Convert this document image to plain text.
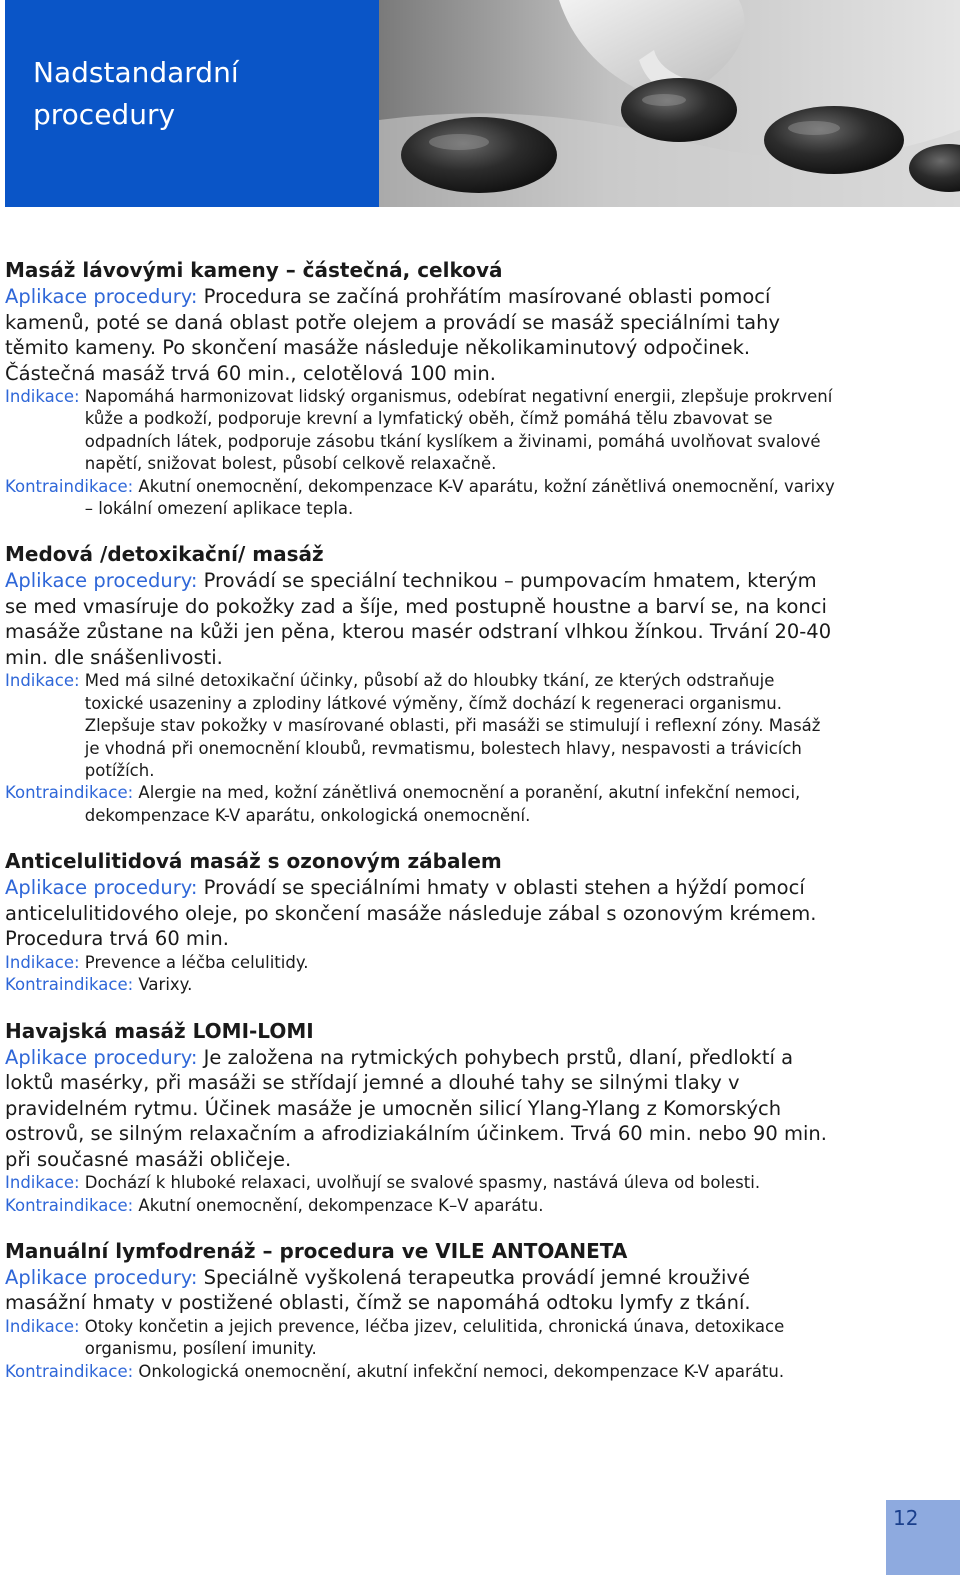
Nadstandardní
procedury
Masáž lávovými kameny – částečná, celková

Aplikace procedury: Procedura se začíná prohřátím masírované oblasti pomocí kamenů, poté se daná oblast potře olejem a provádí se masáž speciálními tahy těmito kameny. Po skončení masáže následuje několikaminutový odpočinek. Částečná masáž trvá 60 min., celotělová 100 min.

Indikace: Napomáhá harmonizovat lidský organismus, odebírat negativní energii, zlepšuje prokrvení kůže a podkoží, podporuje krevní a lymfatický oběh, čímž pomáhá tělu zbavovat se odpadních látek, podporuje zásobu tkání kyslíkem a živinami, pomáhá uvolňovat svalové napětí, snižovat bolest, působí celkově relaxačně.
Kontraindikace: Akutní onemocnění, dekompenzace K-V aparátu, kožní zánětlivá onemocnění, varixy – lokální omezení aplikace tepla.
Medová /detoxikační/ masáž

Aplikace procedury: Provádí se speciální technikou – pumpovacím hmatem, kterým se med vmasíruje do pokožky zad a šíje, med postupně houstne a barví se, na konci masáže zůstane na kůži jen pěna, kterou masér odstraní vlhkou žínkou. Trvání 20-40 min. dle snášenlivosti.

Indikace: Med má silné detoxikační účinky, působí až do hloubky tkání, ze kterých odstraňuje toxické usazeniny a zplodiny látkové výměny, čímž dochází k regeneraci organismu. Zlepšuje stav pokožky v masírované oblasti, při masáži se stimulují i reflexní zóny. Masáž je vhodná při onemocnění kloubů, revmatismu, bolestech hlavy, nespavosti a trávicích potížích.
Kontraindikace: Alergie na med, kožní zánětlivá onemocnění a poranění, akutní infekční nemoci, dekompenzace K-V aparátu, onkologická onemocnění.
Anticelulitidová masáž s ozonovým zábalem

Aplikace procedury: Provádí se speciálními hmaty v oblasti stehen a hýždí pomocí anticelulitidového oleje, po skončení masáže následuje zábal s ozonovým krémem. Procedura trvá 60 min.

Indikace: Prevence a léčba celulitidy.
Kontraindikace: Varixy.
Havajská masáž LOMI-LOMI

Aplikace procedury: Je založena na rytmických pohybech prstů, dlaní, předloktí a loktů masérky, při masáži se střídají jemné a dlouhé tahy se silnými tlaky v pravidelném rytmu. Účinek masáže je umocněn silicí Ylang-Ylang z Komorských ostrovů, se silným relaxačním a afrodiziakálním účinkem. Trvá 60 min. nebo 90 min. při současné masáži obličeje.

Indikace: Dochází k hluboké relaxaci, uvolňují se svalové spasmy, nastává úleva od bolesti.
Kontraindikace: Akutní onemocnění, dekompenzace K–V aparátu.
Manuální lymfodrenáž – procedura ve VILE ANTOANETA

Aplikace procedury: Speciálně vyškolená terapeutka provádí jemné krouživé masážní hmaty v postižené oblasti, čímž se napomáhá odtoku lymfy z tkání.

Indikace: Otoky končetin a jejich prevence, léčba jizev, celulitida, chronická únava, detoxikace organismu, posílení imunity.
Kontraindikace: Onkologická onemocnění, akutní infekční nemoci, dekompenzace K-V aparátu.
12
